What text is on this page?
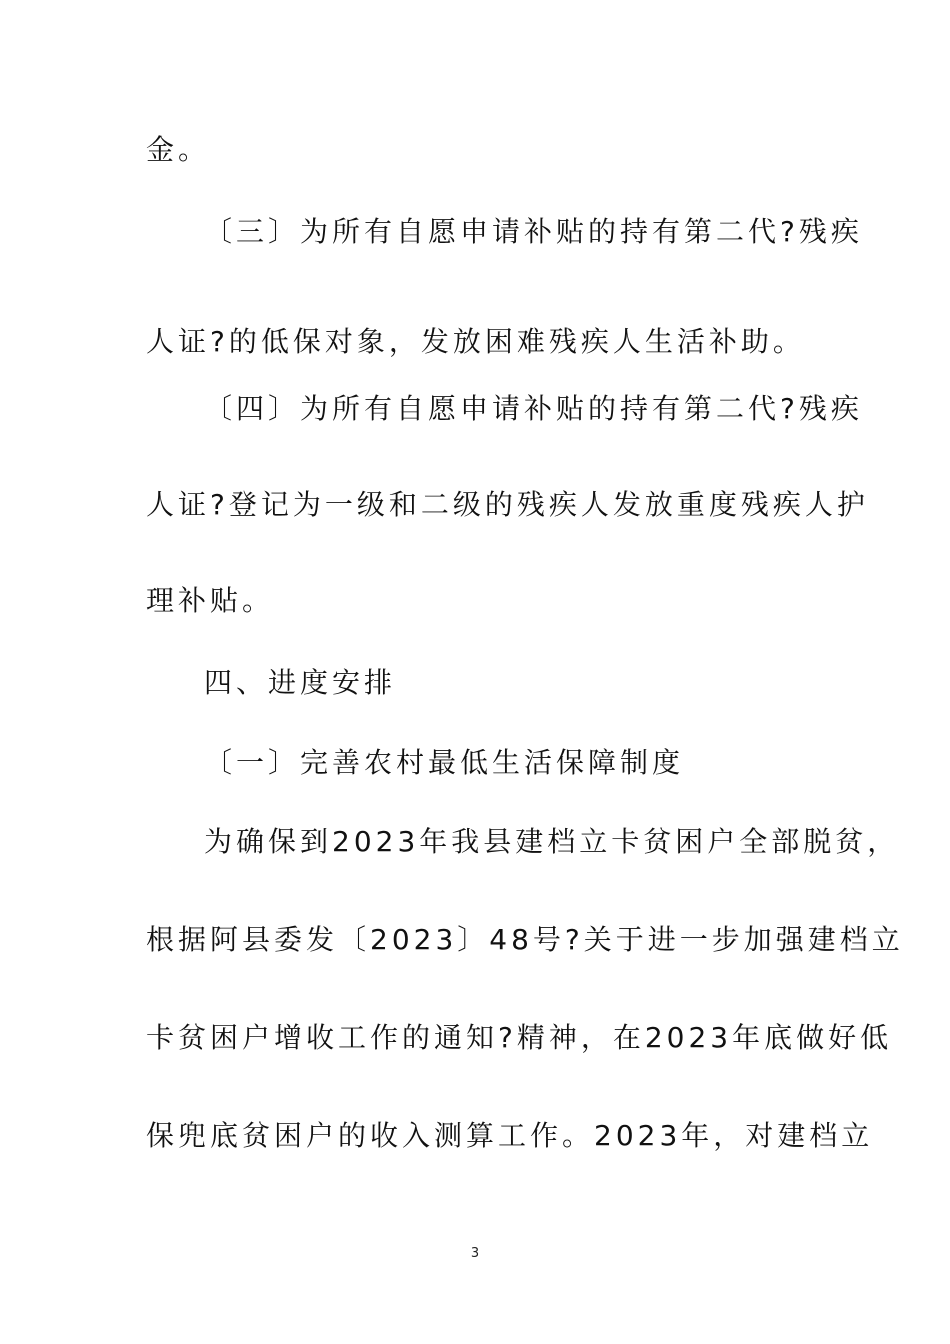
金。
〔三〕为所有自愿申请补贴的持有第二代?残疾
人证?的低保对象，发放困难残疾人生活补助。
〔四〕为所有自愿申请补贴的持有第二代?残疾
人证?登记为一级和二级的残疾人发放重度残疾人护
理补贴。
四、进度安排
〔一〕完善农村最低生活保障制度
为确保到2023年我县建档立卡贫困户全部脱贫，
根据阿县委发〔2023〕48号?关于进一步加强建档立
卡贫困户增收工作的通知?精神，在2023年底做好低
保兜底贫困户的收入测算工作。2023年，对建档立
3
